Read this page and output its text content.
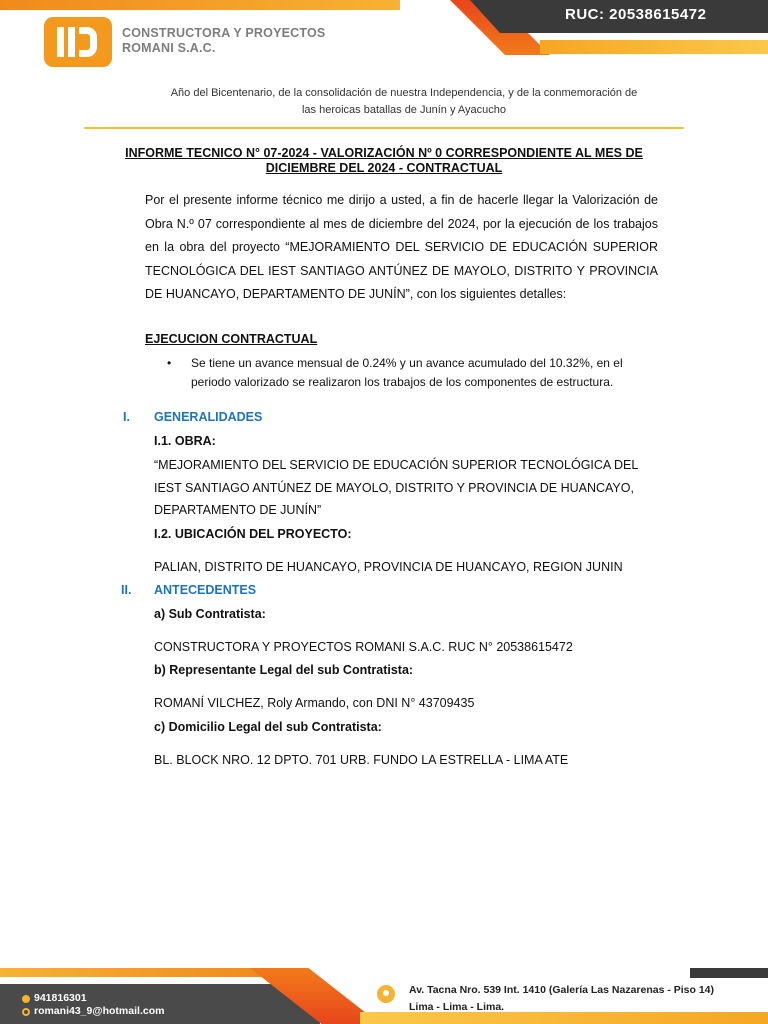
RUC: 20538615472
CONSTRUCTORA Y PROYECTOS
ROMANI S.A.C.
Año del Bicentenario, de la consolidación de nuestra Independencia, y de la conmemoración de
las heroicas batallas de Junín y Ayacucho
INFORME TECNICO N° 07-2024 - VALORIZACIÓN Nº 0 CORRESPONDIENTE AL MES DE
DICIEMBRE DEL 2024 - CONTRACTUAL

Por el presente informe técnico me dirijo a usted, a fin de hacerle llegar la Valorización de Obra N.º 07 correspondiente al mes de diciembre del 2024, por la ejecución de los trabajos en la obra del proyecto “MEJORAMIENTO DEL SERVICIO DE EDUCACIÓN SUPERIOR TECNOLÓGICA DEL IEST SANTIAGO ANTÚNEZ DE MAYOLO, DISTRITO Y PROVINCIA DE HUANCAYO, DEPARTAMENTO DE JUNÍN”, con los siguientes detalles:

EJECUCION CONTRACTUAL
• Se tiene un avance mensual de 0.24% y un avance acumulado del 10.32%, en el periodo valorizado se realizaron los trabajos de los componentes de estructura.

I. GENERALIDADES
I.1. OBRA:

“MEJORAMIENTO DEL SERVICIO DE EDUCACIÓN SUPERIOR TECNOLÓGICA DEL IEST SANTIAGO ANTÚNEZ DE MAYOLO, DISTRITO Y PROVINCIA DE HUANCAYO, DEPARTAMENTO DE JUNÍN”

I.2. UBICACIÓN DEL PROYECTO:
PALIAN, DISTRITO DE HUANCAYO, PROVINCIA DE HUANCAYO, REGION JUNIN
II. ANTECEDENTES
a) Sub Contratista:
CONSTRUCTORA Y PROYECTOS ROMANI S.A.C. RUC N° 20538615472
b) Representante Legal del sub Contratista:
ROMANÍ VILCHEZ, Roly Armando, con DNI N° 43709435
c) Domicilio Legal del sub Contratista:
BL. BLOCK NRO. 12 DPTO. 701 URB. FUNDO LA ESTRELLA - LIMA ATE
941816301
romani43_9@hotmail.com
Av. Tacna Nro. 539 Int. 1410 (Galería Las Nazarenas - Piso 14)
Lima - Lima - Lima.
